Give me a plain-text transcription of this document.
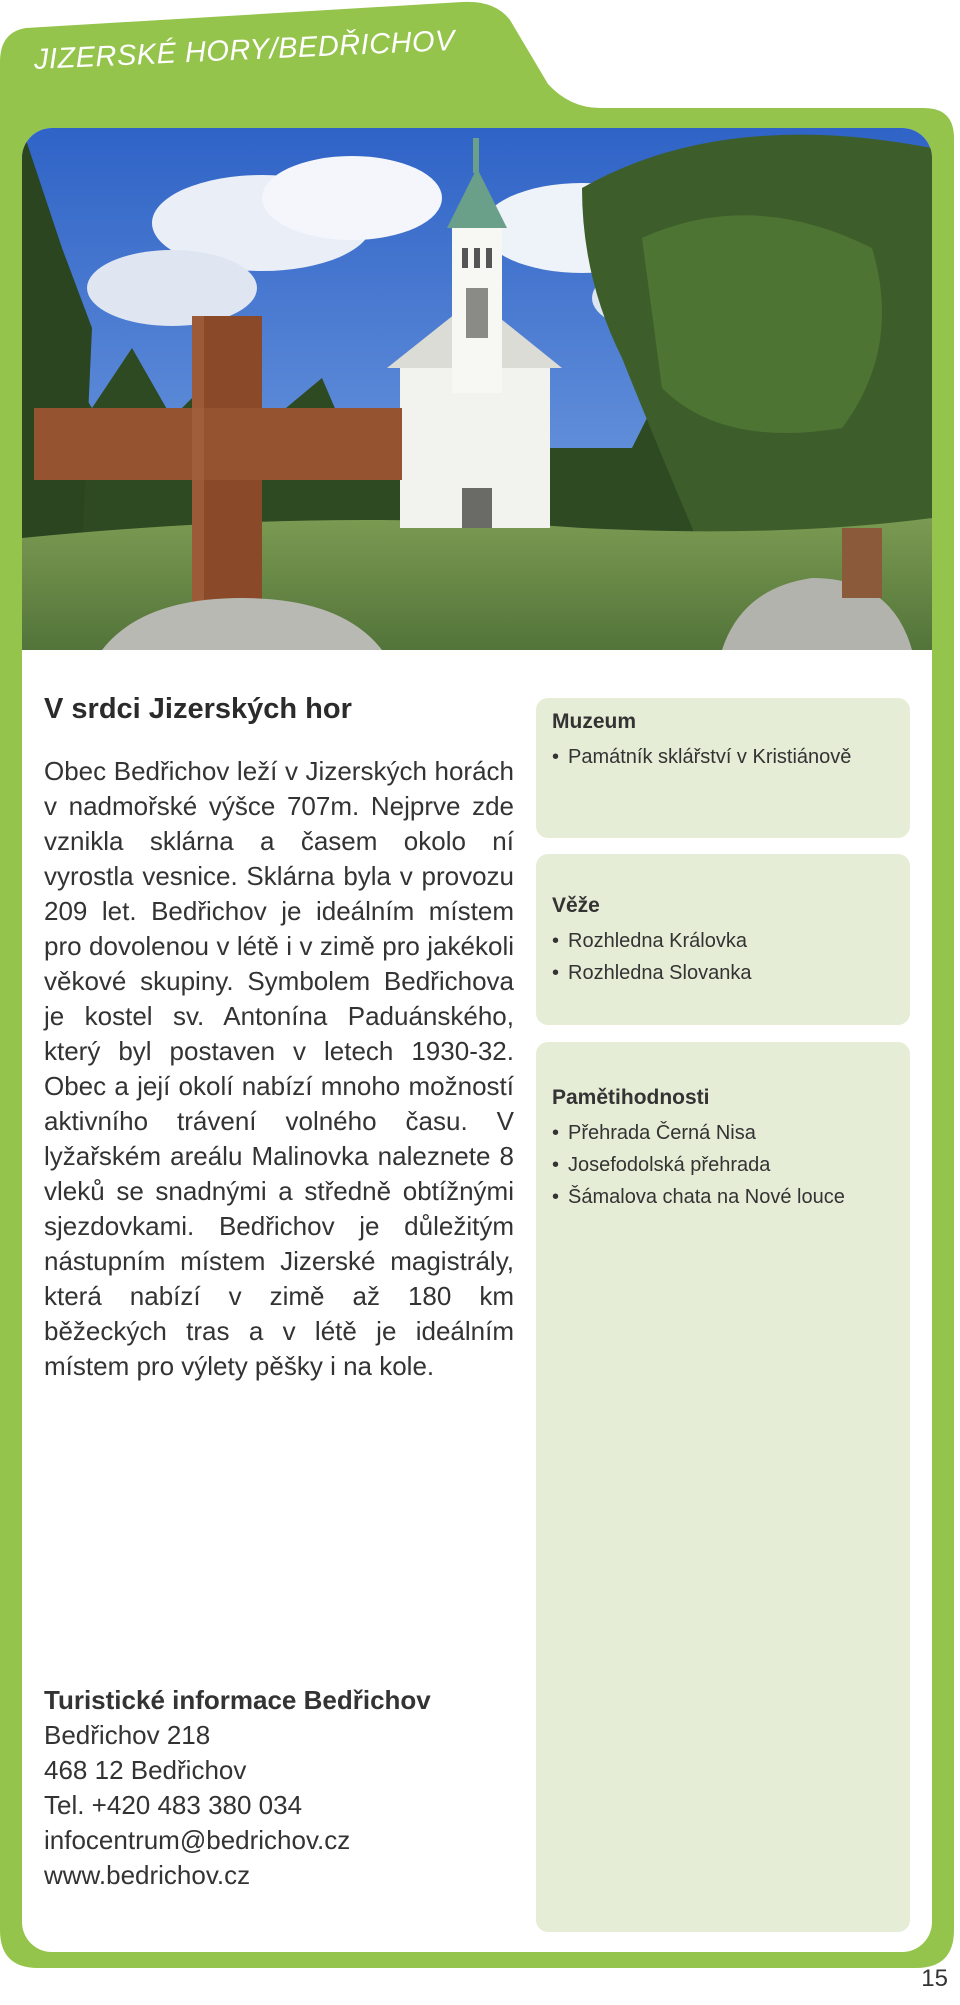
JIZERSKÉ HORY/BEDŘICHOV
V srdci Jizerských hor

Obec Bedřichov leží v Jizerských horách v nadmořské výšce 707m. Nejprve zde vznikla sklárna a časem okolo ní vyrostla vesnice. Sklárna byla v provozu 209 let. Bedřichov je ideálním místem pro dovolenou v létě i v zimě pro jakékoli věkové skupiny. Symbolem Bedřichova je kostel sv. Antonína Paduánského, který byl postaven v letech 1930-32. Obec a její okolí nabízí mnoho možností aktivního trávení volného času. V lyžařském areálu Malinovka naleznete 8 vleků se snadnými a středně obtížnými sjezdovkami. Bedřichov je důležitým nástupním místem Jizerské magistrály, která nabízí v zimě až 180 km běžeckých tras a v létě je ideálním místem pro výlety pěšky i na kole.

Turistické informace Bedřichov
Bedřichov 218
468 12 Bedřichov
Tel. +420 483 380 034
infocentrum@bedrichov.cz
www.bedrichov.cz
Muzeum
• Památník sklářství v Kristiánově
Věže
• Rozhledna Královka
• Rozhledna Slovanka
Pamětihodnosti
• Přehrada Černá Nisa
• Josefodolská přehrada
• Šámalova chata na Nové louce
15
